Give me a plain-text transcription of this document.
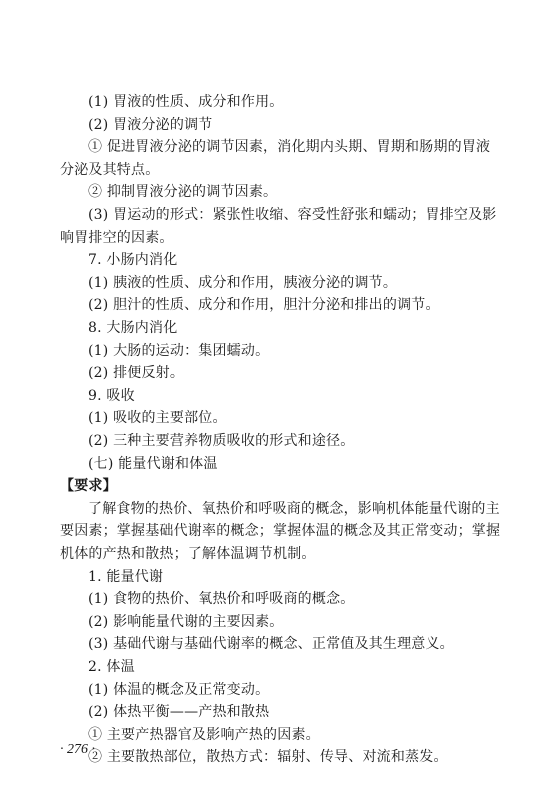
(1) 胃液的性质、成分和作用。
(2) 胃液分泌的调节
① 促进胃液分泌的调节因素，消化期内头期、胃期和肠期的胃液
分泌及其特点。
② 抑制胃液分泌的调节因素。
(3) 胃运动的形式：紧张性收缩、容受性舒张和蠕动；胃排空及影
响胃排空的因素。
7. 小肠内消化
(1) 胰液的性质、成分和作用，胰液分泌的调节。
(2) 胆汁的性质、成分和作用，胆汁分泌和排出的调节。
8. 大肠内消化
(1) 大肠的运动：集团蠕动。
(2) 排便反射。
9. 吸收
(1) 吸收的主要部位。
(2) 三种主要营养物质吸收的形式和途径。
(七) 能量代谢和体温
【要求】
了解食物的热价、氧热价和呼吸商的概念，影响机体能量代谢的主
要因素；掌握基础代谢率的概念；掌握体温的概念及其正常变动；掌握
机体的产热和散热；了解体温调节机制。
1. 能量代谢
(1) 食物的热价、氧热价和呼吸商的概念。
(2) 影响能量代谢的主要因素。
(3) 基础代谢与基础代谢率的概念、正常值及其生理意义。
2. 体温
(1) 体温的概念及正常变动。
(2) 体热平衡——产热和散热
① 主要产热器官及影响产热的因素。
② 主要散热部位，散热方式：辐射、传导、对流和蒸发。
· 276 ·
